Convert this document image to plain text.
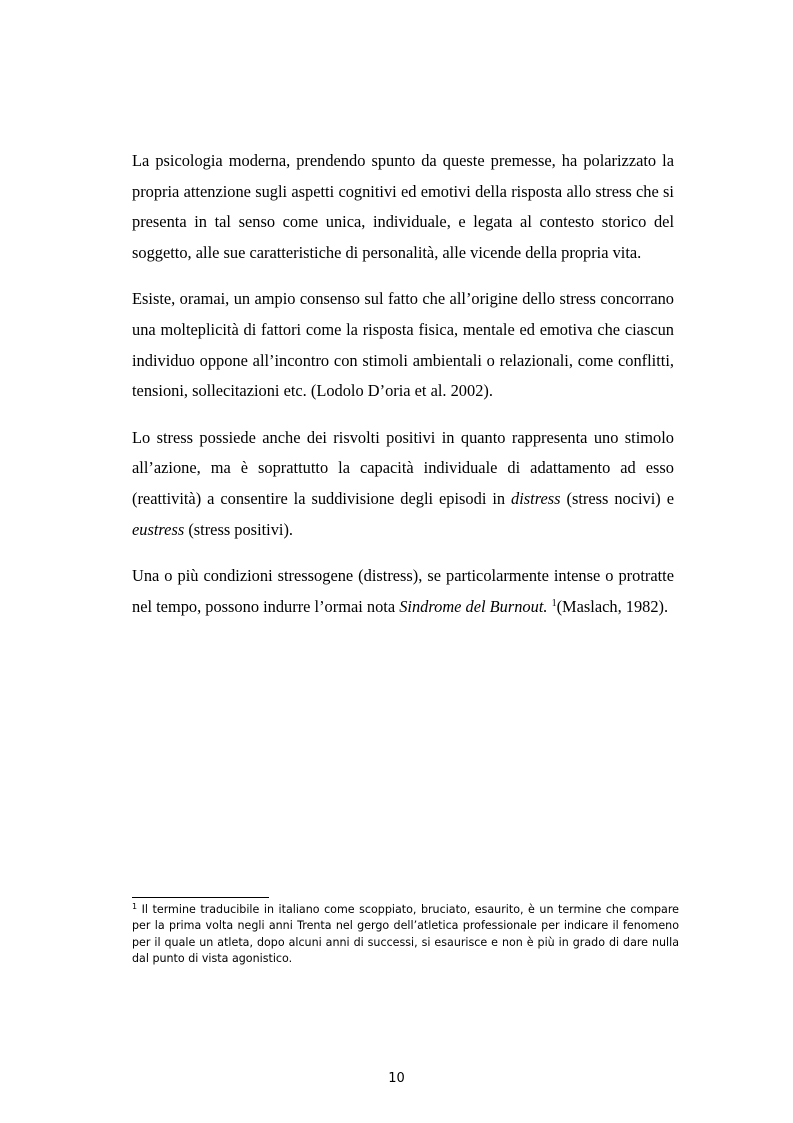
La psicologia moderna, prendendo spunto da queste premesse, ha polarizzato la propria attenzione sugli aspetti cognitivi ed emotivi della risposta allo stress che si presenta in tal senso come unica, individuale, e legata al contesto storico del soggetto, alle sue caratteristiche di personalità, alle vicende della propria vita.

Esiste, oramai, un ampio consenso sul fatto che all’origine dello stress concorrano una molteplicità di fattori come la risposta fisica, mentale ed emotiva che ciascun individuo oppone all’incontro con stimoli ambientali o relazionali, come conflitti, tensioni, sollecitazioni etc. (Lodolo D’oria et al. 2002).

Lo stress possiede anche dei risvolti positivi in quanto rappresenta uno stimolo all’azione, ma è soprattutto la capacità individuale di adattamento ad esso (reattività) a consentire la suddivisione degli episodi in distress (stress nocivi) e eustress (stress positivi).

Una o più condizioni stressogene (distress), se particolarmente intense o protratte nel tempo, possono indurre l’ormai nota Sindrome del Burnout. $^1$(Maslach, 1982).

$^1$ Il termine traducibile in italiano come scoppiato, bruciato, esaurito, è un termine che compare per la prima volta negli anni Trenta nel gergo dell’atletica professionale per indicare il fenomeno per il quale un atleta, dopo alcuni anni di successi, si esaurisce e non è più in grado di dare nulla dal punto di vista agonistico.

10
